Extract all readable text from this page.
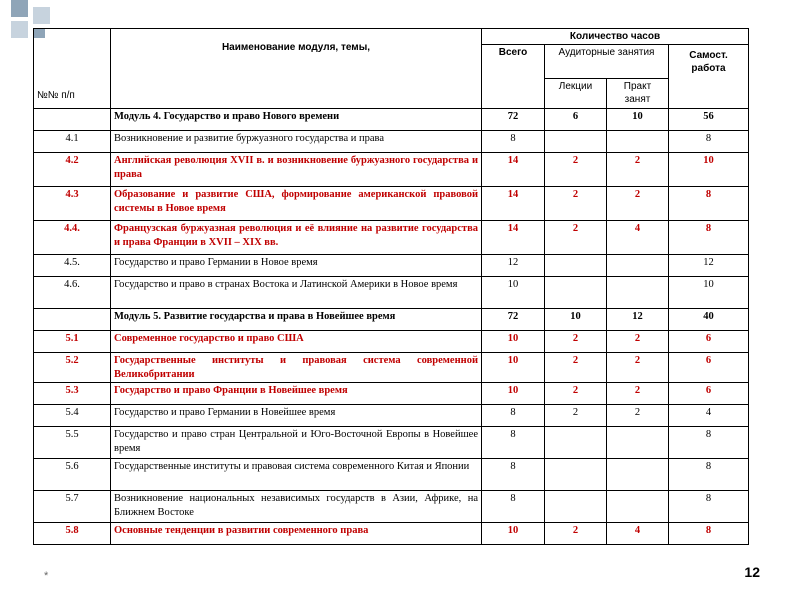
№№ п/п	Наименование модуля, темы,	Количество часов			
		Всего	Аудиторные занятия		Самост. работа
			Лекции	Практ занят	
	Модуль 4. Государство и право Нового времени	72	6	10	56
4.1	Возникновение и развитие буржуазного государства и права	8			8
4.2	Английская революция XVII в. и возникновение буржуазного государства и права	14	2	2	10
4.3	Образование и развитие США, формирование американской правовой системы в Новое время	14	2	2	8
4.4.	Французская буржуазная революция и её влияние на развитие государства и права Франции в XVII – XIX вв.	14	2	4	8
4.5.	Государство и право Германии в Новое время	12			12
4.6.	Государство и право в странах Востока и Латинской Америки в Новое время	10			10
	Модуль 5. Развитие государства и права в Новейшее время	72	10	12	40
5.1	Современное государство и право США	10	2	2	6
5.2	Государственные институты и правовая система современной Великобритании	10	2	2	6
5.3	Государство и право Франции в Новейшее время	10	2	2	6
5.4	Государство и право Германии в Новейшее время	8	2	2	4
5.5	Государство и право стран Центральной и Юго-Восточной Европы в Новейшее время	8			8
5.6	Государственные институты и правовая система современного Китая и Японии	8			8
5.7	Возникновение национальных независимых государств в Азии, Африке, на Ближнем Востоке	8			8
5.8	Основные тенденции в развитии современного права	10	2	4	8
*	12
